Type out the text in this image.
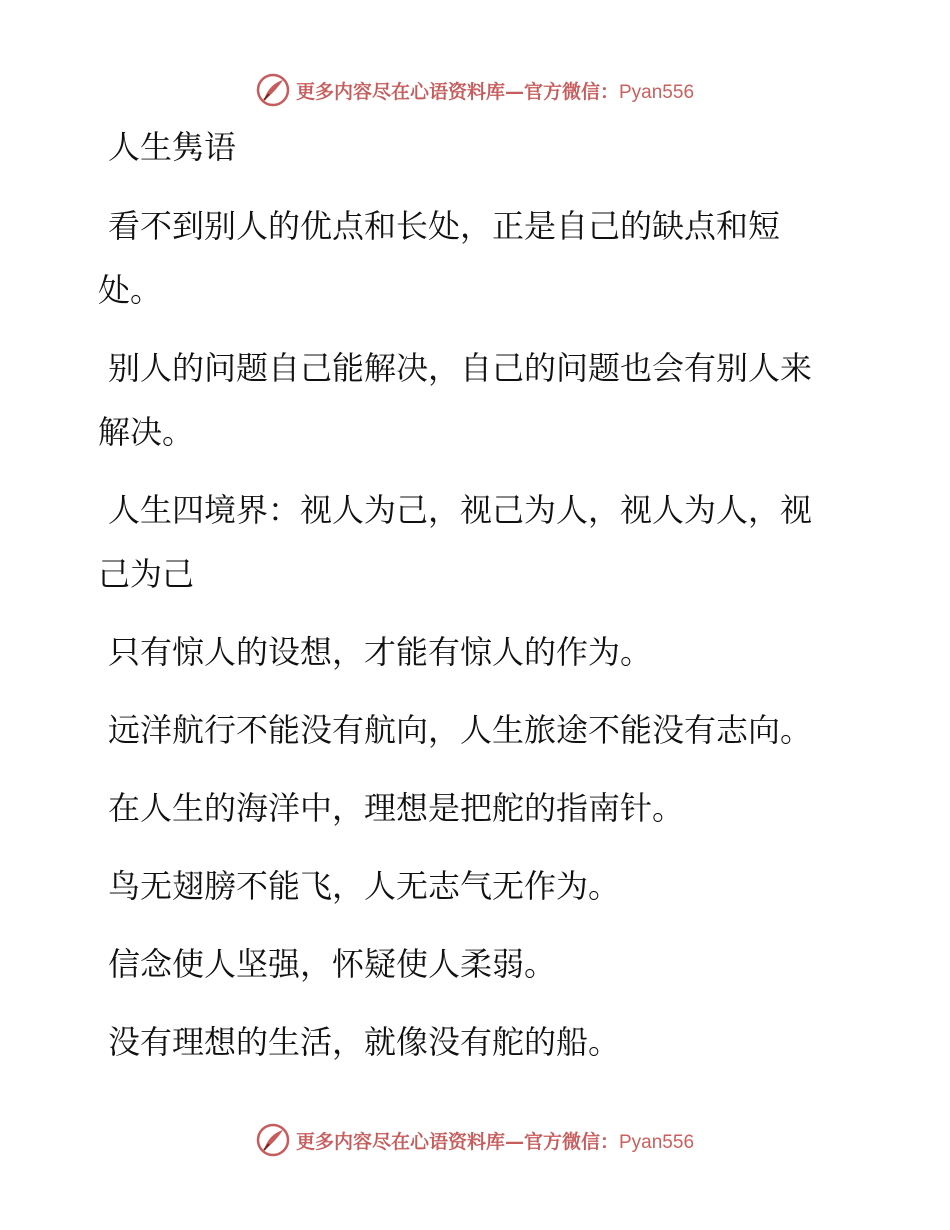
更多内容尽在心语资料库—官方微信：Pyan556
人生隽语

看不到别人的优点和长处，正是自己的缺点和短处。

别人的问题自己能解决，自己的问题也会有别人来解决。

人生四境界：视人为己，视己为人，视人为人，视己为己

只有惊人的设想，才能有惊人的作为。

远洋航行不能没有航向，人生旅途不能没有志向。

在人生的海洋中，理想是把舵的指南针。

鸟无翅膀不能飞，人无志气无作为。

信念使人坚强，怀疑使人柔弱。

没有理想的生活，就像没有舵的船。

更多内容尽在心语资料库—官方微信：Pyan556
